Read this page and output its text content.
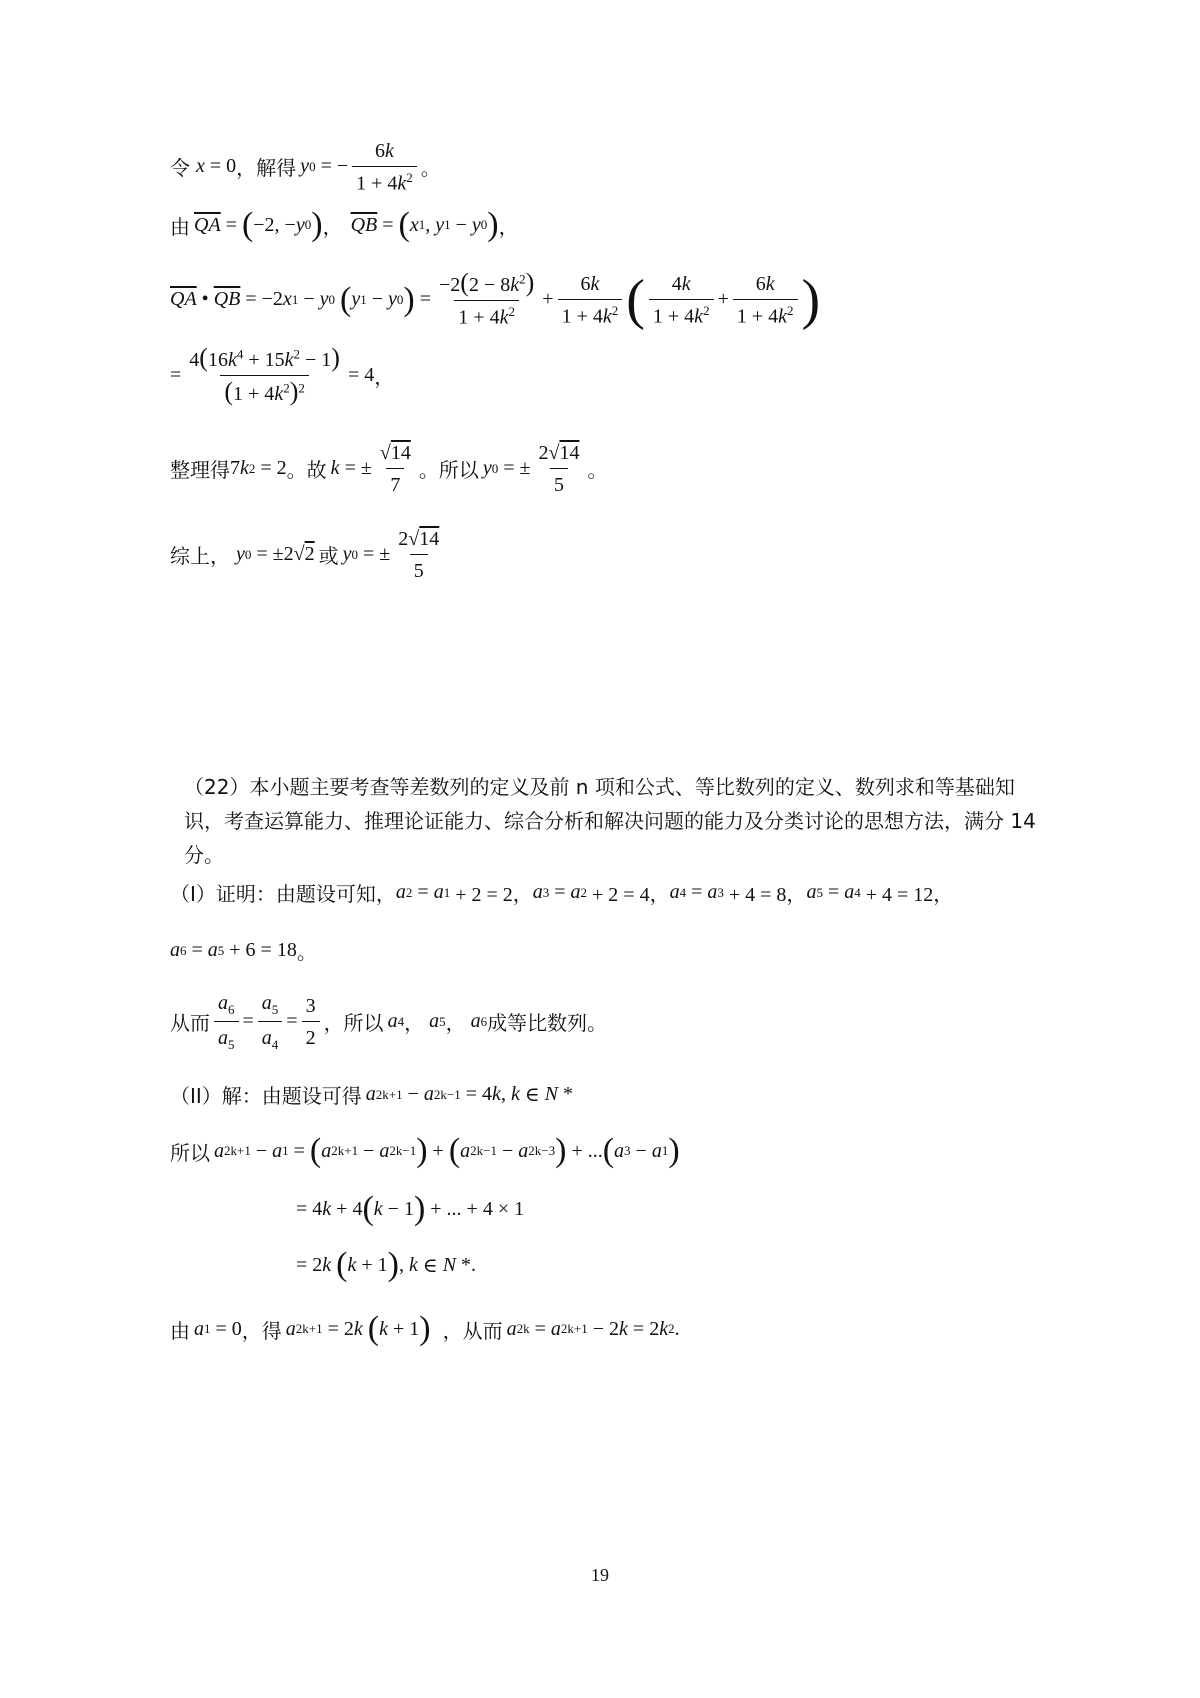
令 x = 0 ，解得 y 0 = − $\frac{6k}{1 + 4k^2}$ 。
由 $\overline{QA}$ = ( −2, − y 0 ) ， $\overline{QB}$ = ( x 1 , y 1 − y 0 ) ，
$\overline{QA}$ • $\overline{QB} = -2$ x 1 − y 0
( y 1 − y 0 ) = $\frac{-2(2 - 8k^2)}{1 + 4k^2} + \frac{6k}{1 + 4k^2}$ ( $\frac{4k}{1 + 4k^2} + \frac{6k}{1 + 4k^2}$ )
= $\frac{4(16k^4 + 15k^2 - 1)}{(1 + 4k^2)^2} = 4$ ，
整理得 7 k 2 = 2 。故 k = ± $\frac{√14}{7}$ 。所以 y 0 = ± $\frac{2√14}{5}$ 。
综上， y 0 = ±2√ 2 或 y 0 = ± $\frac{2√14}{5}$
（22）本小题主要考查等差数列的定义及前 n 项和公式、等比数列的定义、数列求和等基础知识，考查运算能力、推理论证能力、综合分析和解决问题的能力及分类讨论的思想方法，满分 14 分。
（I）证明：由题设可知， a 2 = a 1 + 2 = 2， a 3 = a 2 + 2 = 4， a 4 = a 3 + 4 = 8， a 5 = a 4 + 4 = 12，
a 6 = a 5 + 6 = 18 。
从而 $\frac{a_6}{a_5} = \frac{a_5}{a_4} = \frac{3}{2}$ ，所以 a 4 ， a 5 ， a 6 成等比数列。
（II）解：由题设可得 a 2k+1 − a 2k−1 = 4 k , k ∈ N *
所以 a 2k+1 − a 1 = ( a 2k+1 − a 2k−1 ) + ( a 2k−1 − a 2k−3 ) + ... ( a 3 − a 1 )
= 4 k + 4 ( k − 1 ) + ... + 4 × 1
= 2 k
( k + 1 ) , k ∈ N *.
由 a 1 = 0 ，得 a 2k+1 = 2 k
( k + 1 ) ，从而 a 2k = a 2k+1 − 2 k = 2 k 2 .
19
